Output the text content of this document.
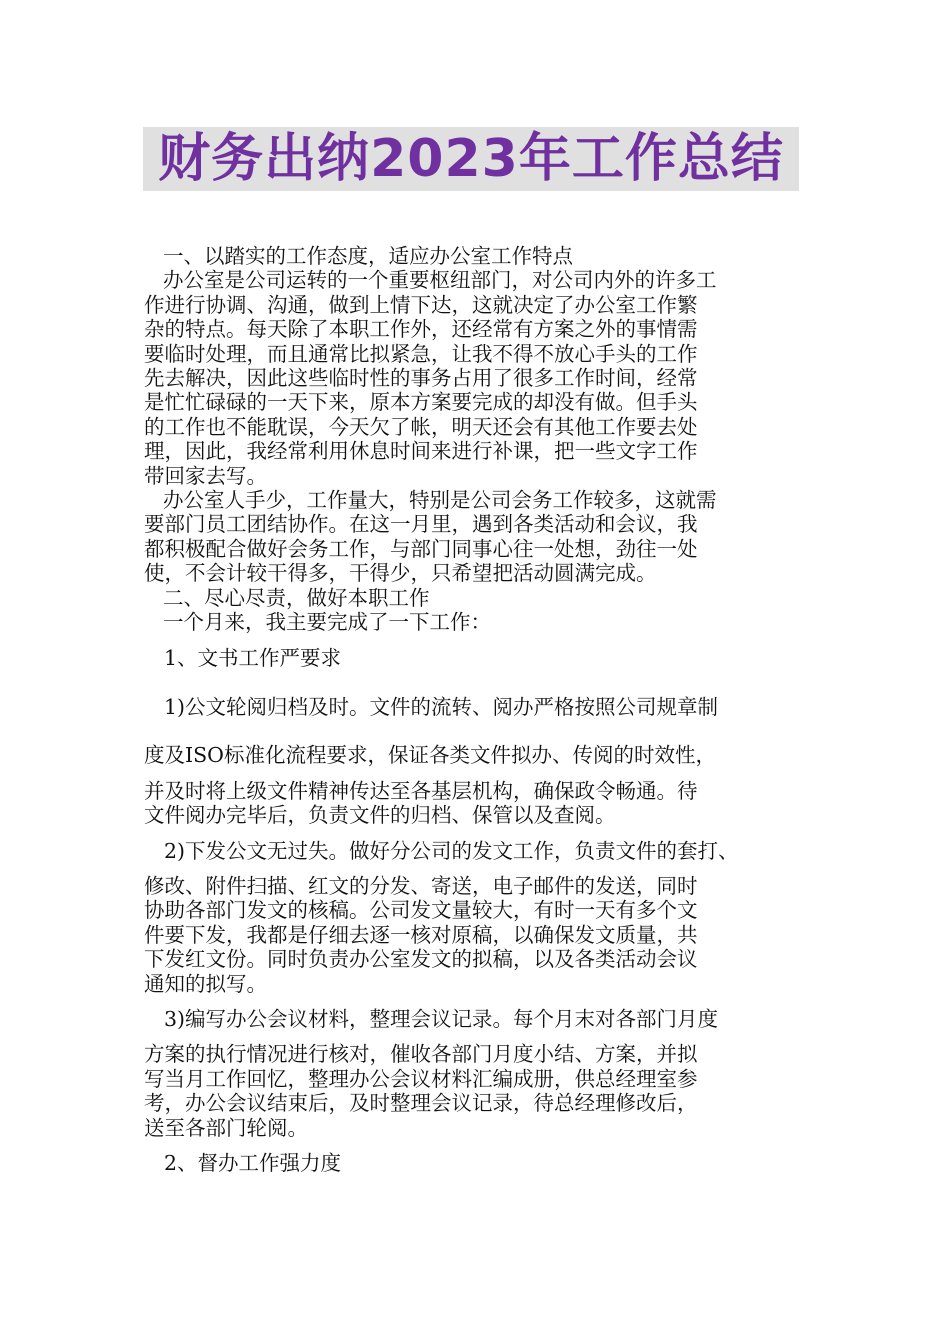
财务出纳2023年工作总结
一、以踏实的工作态度，适应办公室工作特点
办公室是公司运转的一个重要枢纽部门，对公司内外的许多工
作进行协调、沟通，做到上情下达，这就决定了办公室工作繁
杂的特点。每天除了本职工作外，还经常有方案之外的事情需
要临时处理，而且通常比拟紧急，让我不得不放心手头的工作
先去解决，因此这些临时性的事务占用了很多工作时间，经常
是忙忙碌碌的一天下来，原本方案要完成的却没有做。但手头
的工作也不能耽误，今天欠了帐，明天还会有其他工作要去处
理，因此，我经常利用休息时间来进行补课，把一些文字工作
带回家去写。
办公室人手少，工作量大，特别是公司会务工作较多，这就需
要部门员工团结协作。在这一月里，遇到各类活动和会议，我
都积极配合做好会务工作，与部门同事心往一处想，劲往一处
使，不会计较干得多，干得少，只希望把活动圆满完成。
二、尽心尽责，做好本职工作
一个月来，我主要完成了一下工作：
1、文书工作严要求
1)公文轮阅归档及时。文件的流转、阅办严格按照公司规章制
度及ISO标准化流程要求，保证各类文件拟办、传阅的时效性，
并及时将上级文件精神传达至各基层机构，确保政令畅通。待
文件阅办完毕后，负责文件的归档、保管以及查阅。
2)下发公文无过失。做好分公司的发文工作，负责文件的套打、
修改、附件扫描、红文的分发、寄送，电子邮件的发送，同时
协助各部门发文的核稿。公司发文量较大，有时一天有多个文
件要下发，我都是仔细去逐一核对原稿，以确保发文质量，共
下发红文份。同时负责办公室发文的拟稿，以及各类活动会议
通知的拟写。
3)编写办公会议材料，整理会议记录。每个月末对各部门月度
方案的执行情况进行核对，催收各部门月度小结、方案，并拟
写当月工作回忆，整理办公会议材料汇编成册，供总经理室参
考，办公会议结束后，及时整理会议记录，待总经理修改后，
送至各部门轮阅。
2、督办工作强力度
